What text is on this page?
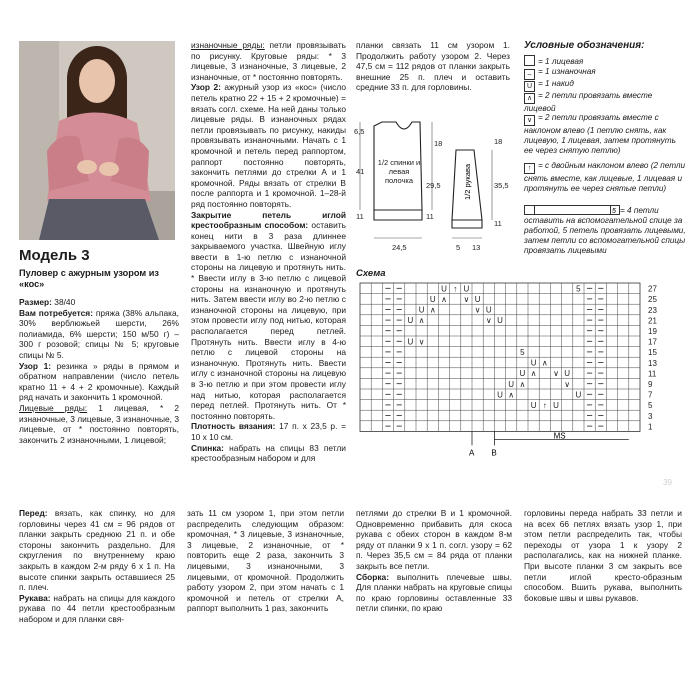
Модель 3
Пуловер с ажурным узором из «кос»

Размер: 38/40

Вам потребуется: пряжа (38% альпака, 30% верблюжьей шерсти, 26% полиамида, 6% шерсти; 150 м/50 г) – 300 г розовой; спицы № 5; круговые спицы № 5.

Узор 1: резинка » ряды в прямом и обратном направлении (число петель кратно 11 + 4 + 2 кромочные). Каждый ряд начать и закончить 1 кромочной.

Лицевые ряды: 1 лицевая, * 2 изнаночные, 3 лицевые, 3 изнаночные, 3 лицевые, от * постоянно повторять, закончить 2 изнаночными, 1 лицевой;

изнаночные ряды: петли провязывать по рисунку. Круговые ряды: * 3 лицевые, 3 изнаночные, 3 лицевые, 2 изнаночные, от * постоянно повторять.

Узор 2: ажурный узор из «кос» (число петель кратно 22 + 15 + 2 кромочные) = вязать согл. схеме. На ней даны только лицевые ряды. В изнаночных рядах петли провязывать по рисунку, накиды провязывать изнаночными. Начать с 1 кромочной и петель перед раппортом, раппорт постоянно повторять, закончить петлями до стрелки А и 1 кромочной. Ряды вязать от стрелки В после раппорта и 1 кромочной. 1–28-й ряд постоянно повторять.

Закрытие петель иглой крестообразным способом: оставить конец нити в 3 раза длиннее закрываемого участка. Швейную иглу ввести в 1-ю петлю с изнаночной стороны на лицевую и протянуть нить. * Ввести иглу в 3-ю петлю с лицевой стороны на изнаночную и протянуть нить. Затем ввести иглу во 2-ю петлю с изнаночной стороны на лицевую, при этом провести иглу под нитью, которая располагается перед петлей. Протянуть нить. Ввести иглу в 4-ю петлю с лицевой стороны на изнаночную. Протянуть нить. Ввести иглу с изнаночной стороны на лицевую в 3-ю петлю и при этом провести иглу над нитью, которая располагается перед петлей. Протянуть нить. От * постоянно повторять.

Плотность вязания: 17 п. х 23,5 р. = 10 х 10 см.

Спинка: набрать на спицы 83 петли крестообразным набором и для

планки связать 11 см узором 1. Продолжить работу узором 2. Через 47,5 см = 112 рядов от планки закрыть внешние 25 п. плеч и оставить средние 33 п. для горловины.
6,5
18
41
29,5
11	11
24,5
18
35,5
11
5 13
1/2 спинки и левая полочка	1/2 рукава
Условные обозначения:
= 1 лицевая
– = 1 изнаночная
U = 1 накид
∧ = 2 петли провязать вместе лицевой
∨ = 2 петли провязать вместе с наклоном влево (1 петлю снять, как лицевую, 1 лицевая, затем протянуть ее через снятую петлю)
↑ = с двойным наклоном влево (2 петли снять вместе, как лицевые, 1 лицевая и протянуть ее через снятые петли)
5 = 4 петли оставить на вспомогательной спице за работой, 5 петель провязать лицевыми, затем петли со вспомогательной спицы провязать лицевыми
Схема
U ↑ U
U ∧ ∨ U
U ∧	∨ U
U ∧	∨ U
U ∨
U ∧
U ∧ ∨ U
U ∧	∨
U ∧	U
↑
U U
5
5
27
25
23
21
19
17
15
13
11
9
7
5
3
1
A B
MS
39

Перед: вязать, как спинку, но для горловины через 41 см = 96 рядов от планки закрыть среднюю 21 п. и обе стороны закончить раздельно. Для скругления по внутреннему краю закрыть в каждом 2-м ряду 6 х 1 п. На высоте спинки закрыть оставшиеся 25 п. плеч.

Рукава: набрать на спицы для каждого рукава по 44 петли крестообразным набором и для планки свя-

зать 11 см узором 1, при этом петли распределить следующим образом: кромочная, * 3 лицевые, 3 изнаночные, 3 лицевые, 2 изнаночные, от * повторить еще 2 раза, закончить 3 лицевыми, 3 изнаночными, 3 лицевыми, от кромочной. Продолжить работу узором 2, при этом начать с 1 кромочной и петель от стрелки А, раппорт выполнить 1 раз, закончить

петлями до стрелки В и 1 кромочной. Одновременно прибавить для скоса рукава с обеих сторон в каждом 8-м ряду от планки 9 х 1 п. согл. узору = 62 п. Через 35,5 см = 84 ряда от планки закрыть все петли.

Сборка: выполнить плечевые швы. Для планки набрать на круговые спицы по краю горловины оставленные 33 петли спинки, по краю

горловины переда набрать 33 петли и на всех 66 петлях вязать узор 1, при этом петли распределить так, чтобы переходы от узора 1 к узору 2 располагались, как на нижней планке. При высоте планки 3 см закрыть все петли иглой кресто-образным способом. Вшить рукава, выполнить боковые швы и швы рукавов.
